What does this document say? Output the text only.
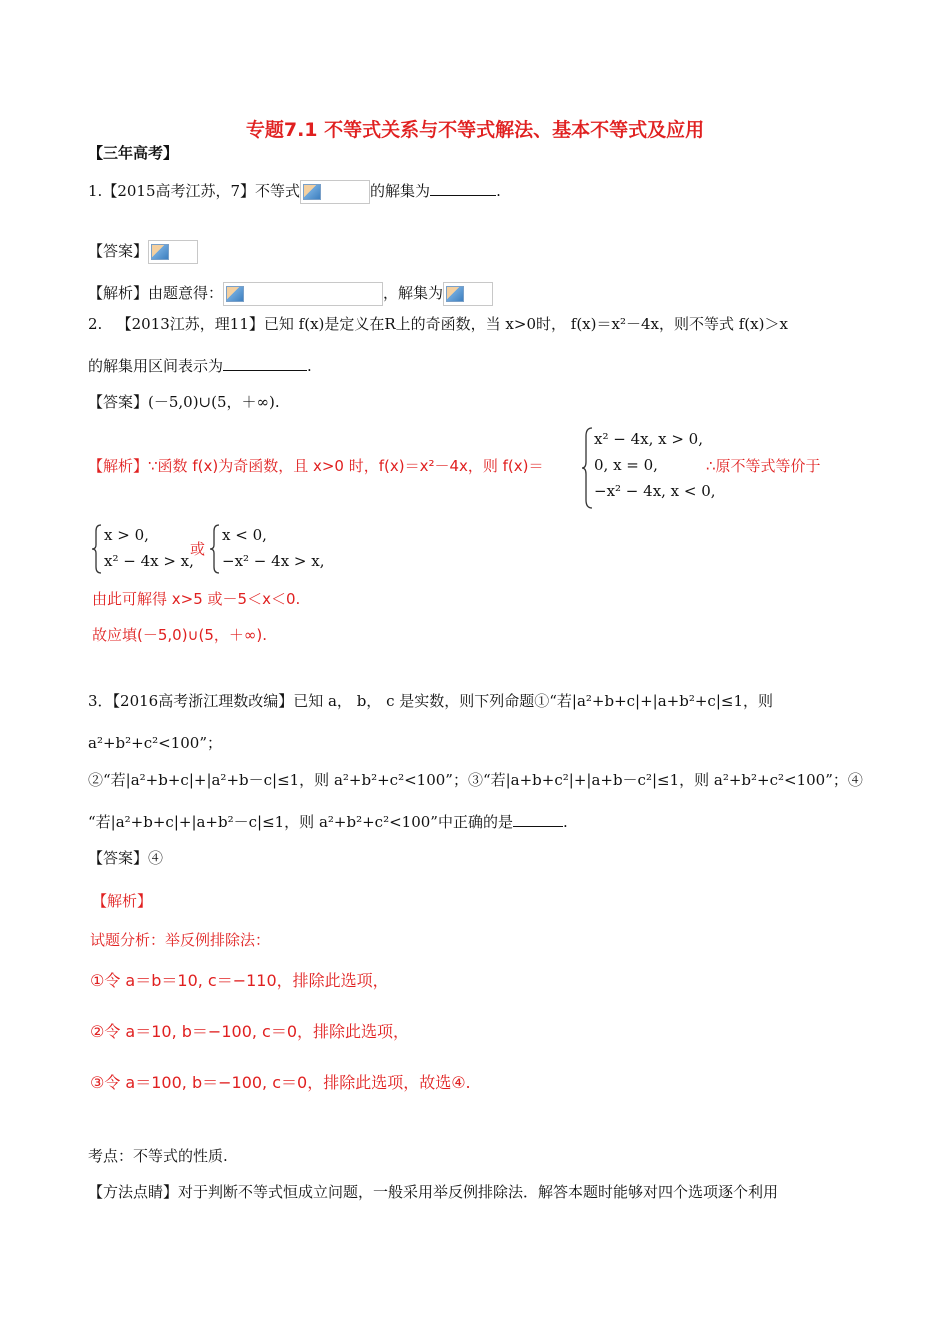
专题7.1 不等式关系与不等式解法、基本不等式及应用
【三年高考】
1.【2015高考江苏，7】不等式	的解集为	.
【答案】
【解析】由题意得：	，解集为
2. 【2013江苏，理11】已知 f(x)是定义在R上的奇函数，当 x>0时， f(x)＝x²－4x，则不等式 f(x)＞x
的解集用区间表示为	.
【答案】(－5,0)∪(5，＋∞).
【解析】∵函数 f(x)为奇函数，且 x>0 时，f(x)＝x²－4x，则 f(x)＝
x² − 4x, x > 0,
0, x = 0,
−x² − 4x, x < 0,
∴原不等式等价于
x > 0,
x² − 4x > x,
或
x < 0,
−x² − 4x > x,
由此可解得 x>5 或－5＜x＜0.
故应填(－5,0)∪(5，＋∞).
3．【2016高考浙江理数改编】已知 a， b， c 是实数，则下列命题①“若|a²+b+c|+|a+b²+c|≤1，则
a²+b²+c²<100”；
②“若|a²+b+c|+|a²+b－c|≤1，则 a²+b²+c²<100”；③“若|a+b+c²|+|a+b－c²|≤1，则 a²+b²+c²<100”；④
“若|a²+b+c|+|a+b²－c|≤1，则 a²+b²+c²<100”中正确的是	.
【答案】④
【解析】
试题分析：举反例排除法：
①令 a＝b＝10, c＝−110，排除此选项，
②令 a＝10, b＝−100, c＝0，排除此选项，
③令 a＝100, b＝−100, c＝0，排除此选项，故选④.
考点：不等式的性质.
【方法点睛】对于判断不等式恒成立问题，一般采用举反例排除法．解答本题时能够对四个选项逐个利用
